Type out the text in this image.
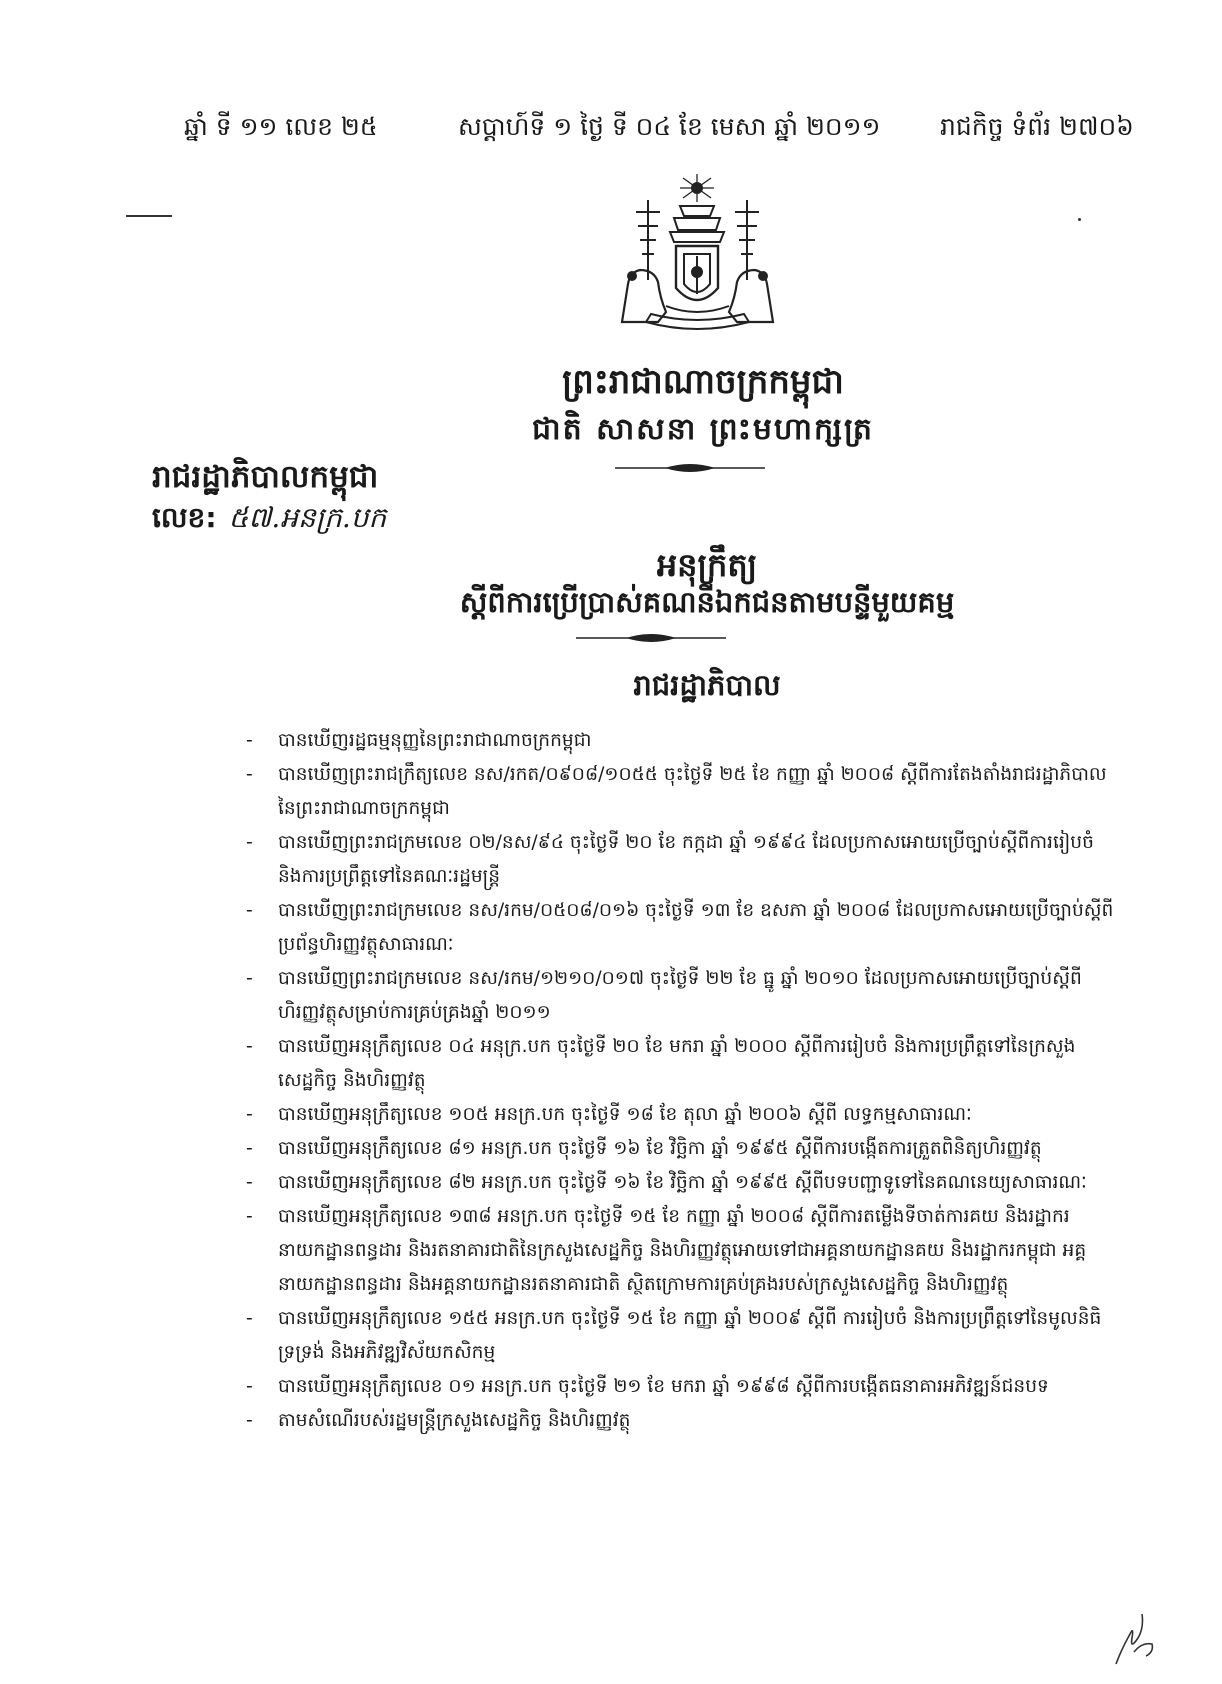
ឆ្នាំ ទី ១១ លេខ ២៥	សប្តាហ៍ទី ១ ថ្ងៃ ទី ០៤ ខែ មេសា ឆ្នាំ ២០១១ រាជកិច្ច ទំព័រ ២៧០៦
ព្រះរាជាណាចក្រកម្ពុជា
ជាតិ សាសនា ព្រះមហាក្សត្រ
រាជរដ្ឋាភិបាលកម្ពុជា
លេខ: ៥៧.អនក្រ.បក
អនុក្រឹត្យ
ស្តីពីការប្រើប្រាស់គណនីឯកជនតាមបន្ទីមួយគម្ម
រាជរដ្ឋាភិបាល
- បានឃើញរដ្ឋធម្មនុញ្ញនៃព្រះរាជាណាចក្រកម្ពុជា
- បានឃើញព្រះរាជក្រឹត្យលេខ នស/រកត/០៩០៨/១០៥៥ ចុះថ្ងៃទី ២៥ ខែ កញ្ញា ឆ្នាំ ២០០៨ ស្តីពីការតែងតាំងរាជរដ្ឋាភិបាល នៃព្រះរាជាណាចក្រកម្ពុជា
- បានឃើញព្រះរាជក្រមលេខ ០២/នស/៩៤ ចុះថ្ងៃទី ២០ ខែ កក្កដា ឆ្នាំ ១៩៩៤ ដែលប្រកាសអោយប្រើច្បាប់ស្តីពីការរៀបចំ និងការប្រព្រឹត្តទៅនៃគណៈរដ្ឋមន្ត្រី
- បានឃើញព្រះរាជក្រមលេខ នស/រកម/០៥០៨/០១៦ ចុះថ្ងៃទី ១៣ ខែ ឧសភា ឆ្នាំ ២០០៨ ដែលប្រកាសអោយប្រើច្បាប់ស្តីពី ប្រព័ន្ធហិរញ្ញវត្ថុសាធារណៈ
- បានឃើញព្រះរាជក្រមលេខ នស/រកម/១២១០/០១៧ ចុះថ្ងៃទី ២២ ខែ ធ្នូ ឆ្នាំ ២០១០ ដែលប្រកាសអោយប្រើច្បាប់ស្តីពី ហិរញ្ញវត្ថុសម្រាប់ការគ្រប់គ្រងឆ្នាំ ២០១១
- បានឃើញអនុក្រឹត្យលេខ ០៤ អនុក្រ.បក ចុះថ្ងៃទី ២០ ខែ មករា ឆ្នាំ ២០០០ ស្តីពីការរៀបចំ និងការប្រព្រឹត្តទៅនៃក្រសួងសេដ្ឋកិច្ច និងហិរញ្ញវត្ថុ
- បានឃើញអនុក្រឹត្យលេខ ១០៥ អនក្រ.បក ចុះថ្ងៃទី ១៨ ខែ តុលា ឆ្នាំ ២០០៦ ស្តីពី លទ្ធកម្មសាធារណៈ
- បានឃើញអនុក្រឹត្យលេខ ៨១ អនក្រ.បក ចុះថ្ងៃទី ១៦ ខែ វិច្ឆិកា ឆ្នាំ ១៩៩៥ ស្តីពីការបង្កើតការត្រួតពិនិត្យហិរញ្ញវត្ថុ
- បានឃើញអនុក្រឹត្យលេខ ៨២ អនក្រ.បក ចុះថ្ងៃទី ១៦ ខែ វិច្ឆិកា ឆ្នាំ ១៩៩៥ ស្តីពីបទបញ្ជាទូទៅនៃគណនេយ្យសាធារណៈ
- បានឃើញអនុក្រឹត្យលេខ ១៣៨ អនក្រ.បក ចុះថ្ងៃទី ១៥ ខែ កញ្ញា ឆ្នាំ ២០០៨ ស្តីពីការតម្លើងទីចាត់ការគយ និងរដ្ឋាករ នាយកដ្ឋានពន្ធដារ និងរតនាគារជាតិនៃក្រសួងសេដ្ឋកិច្ច និងហិរញ្ញវត្ថុអោយទៅជាអគ្គនាយកដ្ឋានគយ និងរដ្ឋាករកម្ពុជា អគ្គនាយកដ្ឋានពន្ធដារ និងអគ្គនាយកដ្ឋានរតនាគារជាតិ ស្ថិតក្រោមការគ្រប់គ្រងរបស់ក្រសួងសេដ្ឋកិច្ច និងហិរញ្ញវត្ថុ
- បានឃើញអនុក្រឹត្យលេខ ១៥៥ អនក្រ.បក ចុះថ្ងៃទី ១៥ ខែ កញ្ញា ឆ្នាំ ២០០៩ ស្តីពី ការរៀបចំ និងការប្រព្រឹត្តទៅនៃមូលនិធិទ្រទ្រង់ និងអភិវឌ្ឍវិស័យកសិកម្ម
- បានឃើញអនុក្រឹត្យលេខ ០១ អនក្រ.បក ចុះថ្ងៃទី ២១ ខែ មករា ឆ្នាំ ១៩៩៨ ស្តីពីការបង្កើតធនាគារអភិវឌ្ឍន៍ជនបទ
- តាមសំណើរបស់រដ្ឋមន្ត្រីក្រសួងសេដ្ឋកិច្ច និងហិរញ្ញវត្ថុ
